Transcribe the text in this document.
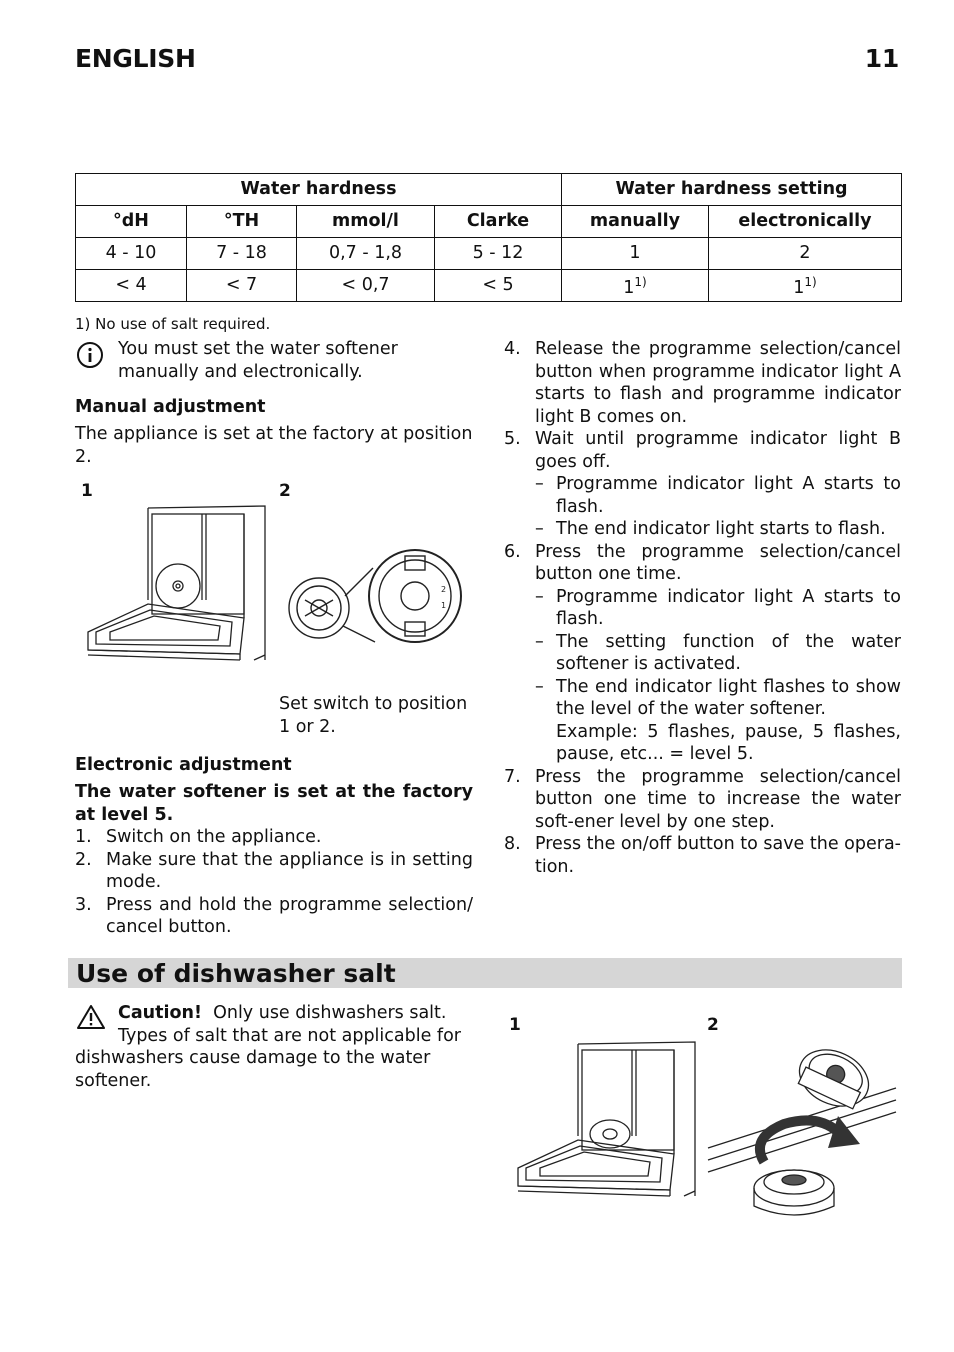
ENGLISH	11
Water hardness				Water hardness setting	
°dH	°TH	mmol/l	Clarke	manually	electronically
4 - 10	7 - 18	0,7 - 1,8	5 - 12	1	2
< 4	< 7	< 0,7	< 5	1$^{1)}$	1$^{1)}$
1) No use of salt required.
You must set the water softener manually and electronically.
Manual adjustment
The appliance is set at the factory at position 2.
1	2
2
1
Set switch to position 1 or 2.
Electronic adjustment
The water softener is set at the factory at level 5.
1. Switch on the appliance.
2. Make sure that the appliance is in setting mode.
3. Press and hold the programme selection/ cancel button.
4. Release the programme selection/cancel button when programme indicator light A starts to flash and programme indicator light B comes on.
5. Wait until programme indicator light B goes off.
– Programme indicator light A starts to flash.
– The end indicator light starts to flash.
6. Press the programme selection/cancel button one time.
– Programme indicator light A starts to flash.
– The setting function of the water softener is activated.
– The end indicator light flashes to show the level of the water softener.
Example: 5 flashes, pause, 5 flashes, pause, etc... = level 5.
7. Press the programme selection/cancel button one time to increase the water soft-ener level by one step.
8. Press the on/off button to save the opera-tion.
Use of dishwasher salt
Caution! Only use dishwashers salt.
Types of salt that are not applicable for
dishwashers cause damage to the water softener.
1	2
